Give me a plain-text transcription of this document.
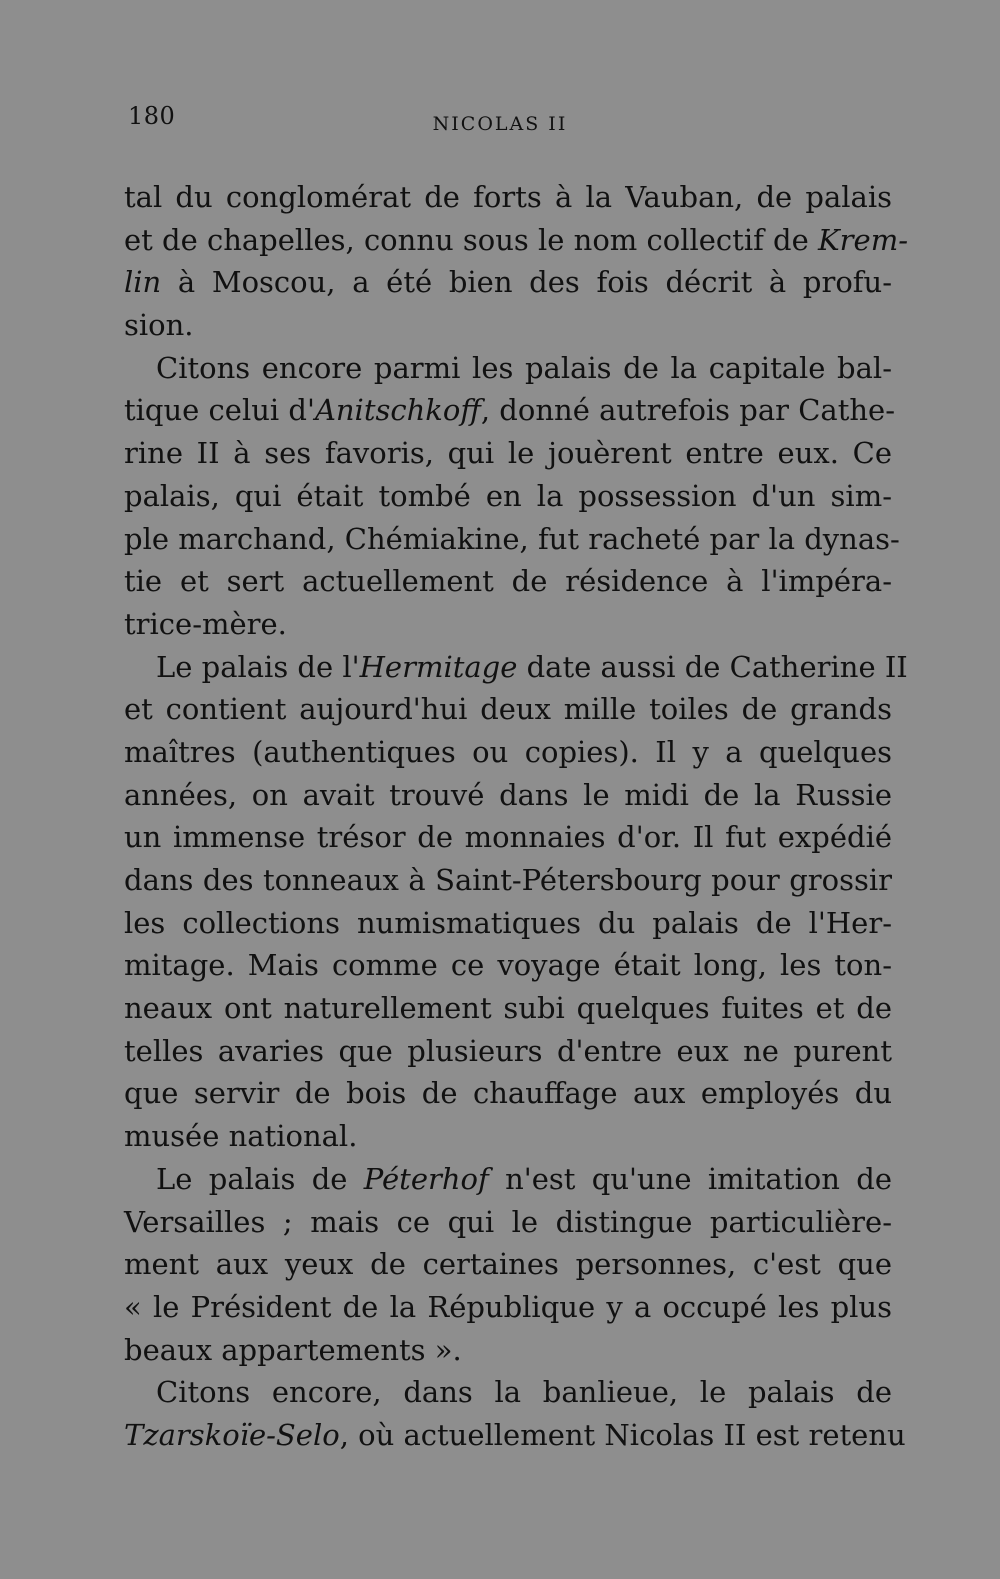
180	NICOLAS II
tal du conglomérat de forts à la Vauban, de palais
et de chapelles, connu sous le nom collectif de Krem-
lin à Moscou, a été bien des fois décrit à profu-
sion.
Citons encore parmi les palais de la capitale bal-
tique celui d'Anitschkoff, donné autrefois par Cathe-
rine II à ses favoris, qui le jouèrent entre eux. Ce
palais, qui était tombé en la possession d'un sim-
ple marchand, Chémiakine, fut racheté par la dynas-
tie et sert actuellement de résidence à l'impéra-
trice-mère.
Le palais de l'Hermitage date aussi de Catherine II
et contient aujourd'hui deux mille toiles de grands
maîtres (authentiques ou copies). Il y a quelques
années, on avait trouvé dans le midi de la Russie
un immense trésor de monnaies d'or. Il fut expédié
dans des tonneaux à Saint-Pétersbourg pour grossir
les collections numismatiques du palais de l'Her-
mitage. Mais comme ce voyage était long, les ton-
neaux ont naturellement subi quelques fuites et de
telles avaries que plusieurs d'entre eux ne purent
que servir de bois de chauffage aux employés du
musée national.
Le palais de Péterhof n'est qu'une imitation de
Versailles ; mais ce qui le distingue particulière-
ment aux yeux de certaines personnes, c'est que
« le Président de la République y a occupé les plus
beaux appartements ».
Citons encore, dans la banlieue, le palais de
Tzarskoïe-Selo, où actuellement Nicolas II est retenu
